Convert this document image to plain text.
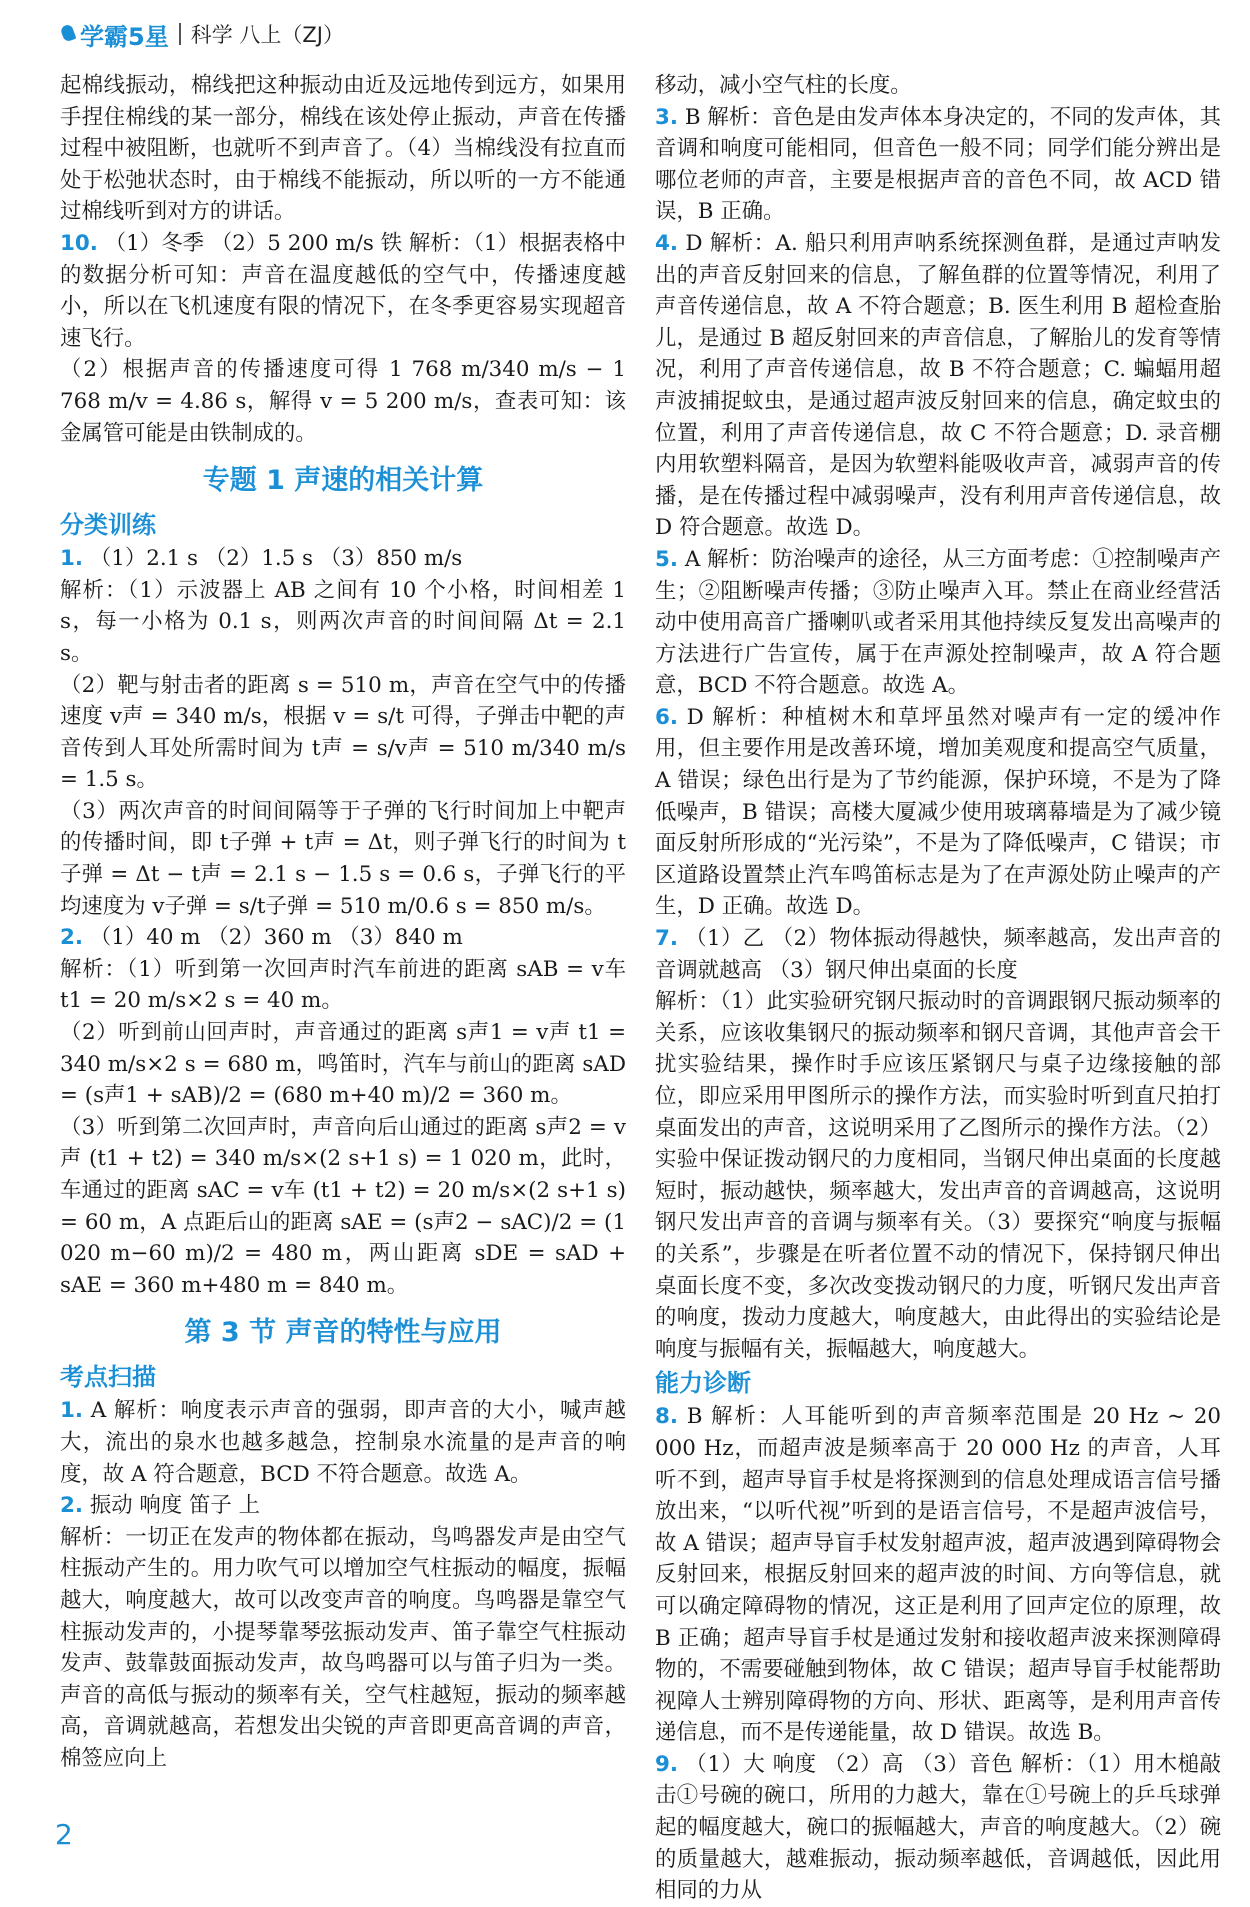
学霸5星 科学 八上（ZJ）

起棉线振动，棉线把这种振动由近及远地传到远方，如果用手捏住棉线的某一部分，棉线在该处停止振动，声音在传播过程中被阻断，也就听不到声音了。（4）当棉线没有拉直而处于松弛状态时，由于棉线不能振动，所以听的一方不能通过棉线听到对方的讲话。

10. （1）冬季 （2）5 200 m/s 铁 解析：（1）根据表格中的数据分析可知：声音在温度越低的空气中，传播速度越小，所以在飞机速度有限的情况下，在冬季更容易实现超音速飞行。

（2）根据声音的传播速度可得 1 768 m/340 m/s − 1 768 m/v = 4.86 s，解得 v = 5 200 m/s，查表可知：该金属管可能是由铁制成的。

专题 1 声速的相关计算
分类训练

1. （1）2.1 s （2）1.5 s （3）850 m/s

解析：（1）示波器上 AB 之间有 10 个小格，时间相差 1 s，每一小格为 0.1 s，则两次声音的时间间隔 Δt = 2.1 s。

（2）靶与射击者的距离 s = 510 m，声音在空气中的传播速度 v声 = 340 m/s，根据 v = s/t 可得，子弹击中靶的声音传到人耳处所需时间为 t声 = s/v声 = 510 m/340 m/s = 1.5 s。

（3）两次声音的时间间隔等于子弹的飞行时间加上中靶声的传播时间，即 t子弹 + t声 = Δt，则子弹飞行的时间为 t子弹 = Δt − t声 = 2.1 s − 1.5 s = 0.6 s，子弹飞行的平均速度为 v子弹 = s/t子弹 = 510 m/0.6 s = 850 m/s。

2. （1）40 m （2）360 m （3）840 m

解析：（1）听到第一次回声时汽车前进的距离 sAB = v车 t1 = 20 m/s×2 s = 40 m。

（2）听到前山回声时，声音通过的距离 s声1 = v声 t1 = 340 m/s×2 s = 680 m，鸣笛时，汽车与前山的距离 sAD = (s声1 + sAB)/2 = (680 m+40 m)/2 = 360 m。

（3）听到第二次回声时，声音向后山通过的距离 s声2 = v声 (t1 + t2) = 340 m/s×(2 s+1 s) = 1 020 m，此时，车通过的距离 sAC = v车 (t1 + t2) = 20 m/s×(2 s+1 s) = 60 m，A 点距后山的距离 sAE = (s声2 − sAC)/2 = (1 020 m−60 m)/2 = 480 m，两山距离 sDE = sAD + sAE = 360 m+480 m = 840 m。

第 3 节 声音的特性与应用
考点扫描

1. A 解析：响度表示声音的强弱，即声音的大小，喊声越大，流出的泉水也越多越急，控制泉水流量的是声音的响度，故 A 符合题意，BCD 不符合题意。故选 A。

2. 振动 响度 笛子 上

解析：一切正在发声的物体都在振动，鸟鸣器发声是由空气柱振动产生的。用力吹气可以增加空气柱振动的幅度，振幅越大，响度越大，故可以改变声音的响度。鸟鸣器是靠空气柱振动发声的，小提琴靠琴弦振动发声、笛子靠空气柱振动发声、鼓靠鼓面振动发声，故鸟鸣器可以与笛子归为一类。声音的高低与振动的频率有关，空气柱越短，振动的频率越高，音调就越高，若想发出尖锐的声音即更高音调的声音，棉签应向上

移动，减小空气柱的长度。

3. B 解析：音色是由发声体本身决定的，不同的发声体，其音调和响度可能相同，但音色一般不同；同学们能分辨出是哪位老师的声音，主要是根据声音的音色不同，故 ACD 错误，B 正确。

4. D 解析：A. 船只利用声呐系统探测鱼群，是通过声呐发出的声音反射回来的信息，了解鱼群的位置等情况，利用了声音传递信息，故 A 不符合题意；B. 医生利用 B 超检查胎儿，是通过 B 超反射回来的声音信息，了解胎儿的发育等情况，利用了声音传递信息，故 B 不符合题意；C. 蝙蝠用超声波捕捉蚊虫，是通过超声波反射回来的信息，确定蚊虫的位置，利用了声音传递信息，故 C 不符合题意；D. 录音棚内用软塑料隔音，是因为软塑料能吸收声音，减弱声音的传播，是在传播过程中减弱噪声，没有利用声音传递信息，故 D 符合题意。故选 D。

5. A 解析：防治噪声的途径，从三方面考虑：①控制噪声产生；②阻断噪声传播；③防止噪声入耳。禁止在商业经营活动中使用高音广播喇叭或者采用其他持续反复发出高噪声的方法进行广告宣传，属于在声源处控制噪声，故 A 符合题意，BCD 不符合题意。故选 A。

6. D 解析：种植树木和草坪虽然对噪声有一定的缓冲作用，但主要作用是改善环境，增加美观度和提高空气质量，A 错误；绿色出行是为了节约能源，保护环境，不是为了降低噪声，B 错误；高楼大厦减少使用玻璃幕墙是为了减少镜面反射所形成的“光污染”，不是为了降低噪声，C 错误；市区道路设置禁止汽车鸣笛标志是为了在声源处防止噪声的产生，D 正确。故选 D。

7. （1）乙 （2）物体振动得越快，频率越高，发出声音的音调就越高 （3）钢尺伸出桌面的长度

解析：（1）此实验研究钢尺振动时的音调跟钢尺振动频率的关系，应该收集钢尺的振动频率和钢尺音调，其他声音会干扰实验结果，操作时手应该压紧钢尺与桌子边缘接触的部位，即应采用甲图所示的操作方法，而实验时听到直尺拍打桌面发出的声音，这说明采用了乙图所示的操作方法。（2）实验中保证拨动钢尺的力度相同，当钢尺伸出桌面的长度越短时，振动越快，频率越大，发出声音的音调越高，这说明钢尺发出声音的音调与频率有关。（3）要探究“响度与振幅的关系”，步骤是在听者位置不动的情况下，保持钢尺伸出桌面长度不变，多次改变拨动钢尺的力度，听钢尺发出声音的响度，拨动力度越大，响度越大，由此得出的实验结论是响度与振幅有关，振幅越大，响度越大。

能力诊断

8. B 解析：人耳能听到的声音频率范围是 20 Hz ~ 20 000 Hz，而超声波是频率高于 20 000 Hz 的声音，人耳听不到，超声导盲手杖是将探测到的信息处理成语言信号播放出来，“以听代视”听到的是语言信号，不是超声波信号，故 A 错误；超声导盲手杖发射超声波，超声波遇到障碍物会反射回来，根据反射回来的超声波的时间、方向等信息，就可以确定障碍物的情况，这正是利用了回声定位的原理，故 B 正确；超声导盲手杖是通过发射和接收超声波来探测障碍物的，不需要碰触到物体，故 C 错误；超声导盲手杖能帮助视障人士辨别障碍物的方向、形状、距离等，是利用声音传递信息，而不是传递能量，故 D 错误。故选 B。

9. （1）大 响度 （2）高 （3）音色 解析：（1）用木槌敲击①号碗的碗口，所用的力越大，靠在①号碗上的乒乓球弹起的幅度越大，碗口的振幅越大，声音的响度越大。（2）碗的质量越大，越难振动，振动频率越低，音调越低，因此用相同的力从

2
